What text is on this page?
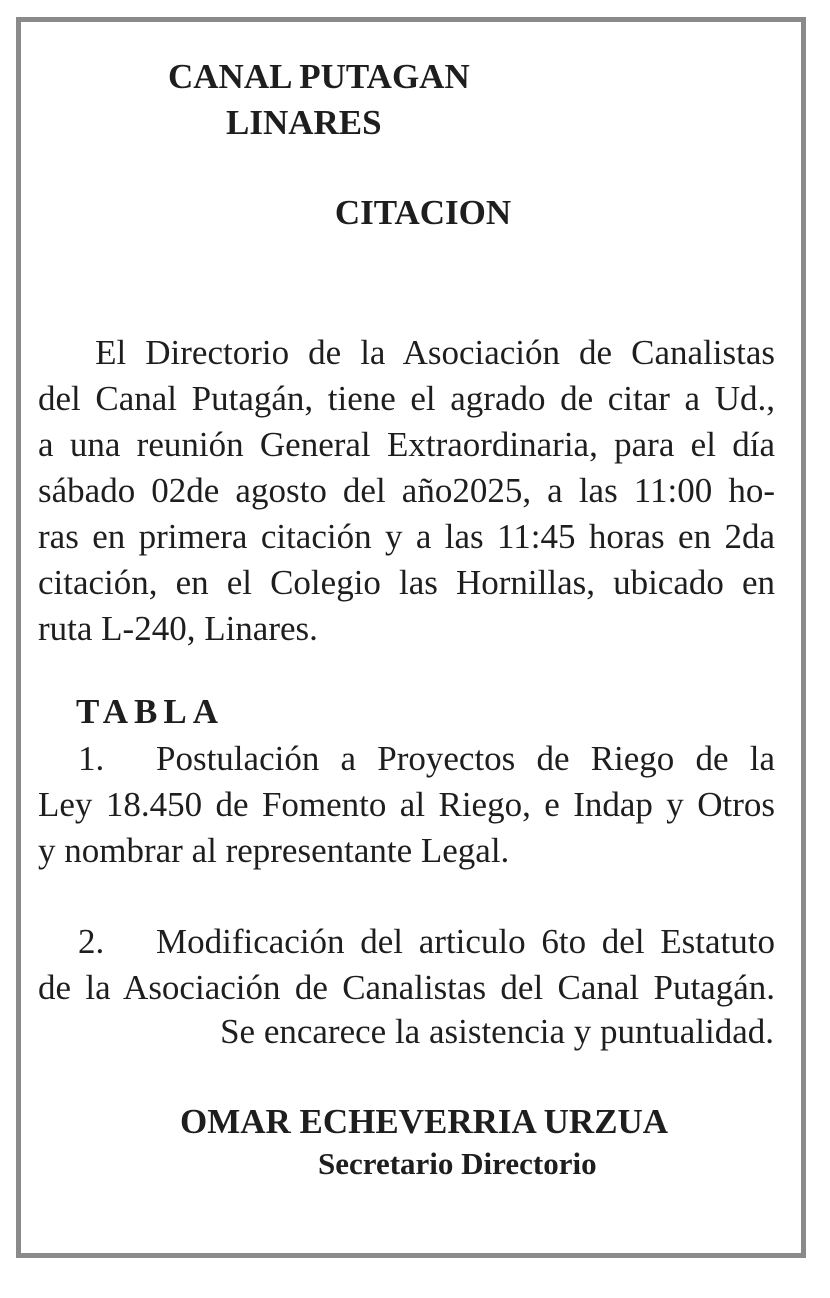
CANAL PUTAGAN
LINARES
CITACION
El Directorio de la Asociación de Canalistas
del Canal Putagán, tiene el agrado de citar a Ud.,
a una reunión General Extraordinaria, para el día
sábado 02de agosto del año2025, a las 11:00 ho-
ras en primera citación y a las 11:45 horas en 2da
citación, en el Colegio las Hornillas, ubicado en
ruta L-240, Linares.
TABLA
1. Postulación a Proyectos de Riego de la
Ley 18.450 de Fomento al Riego, e Indap y Otros
y nombrar al representante Legal.
2. Modificación del articulo 6to del Estatuto
de la Asociación de Canalistas del Canal Putagán.
Se encarece la asistencia y puntualidad.
OMAR ECHEVERRIA URZUA
Secretario Directorio
